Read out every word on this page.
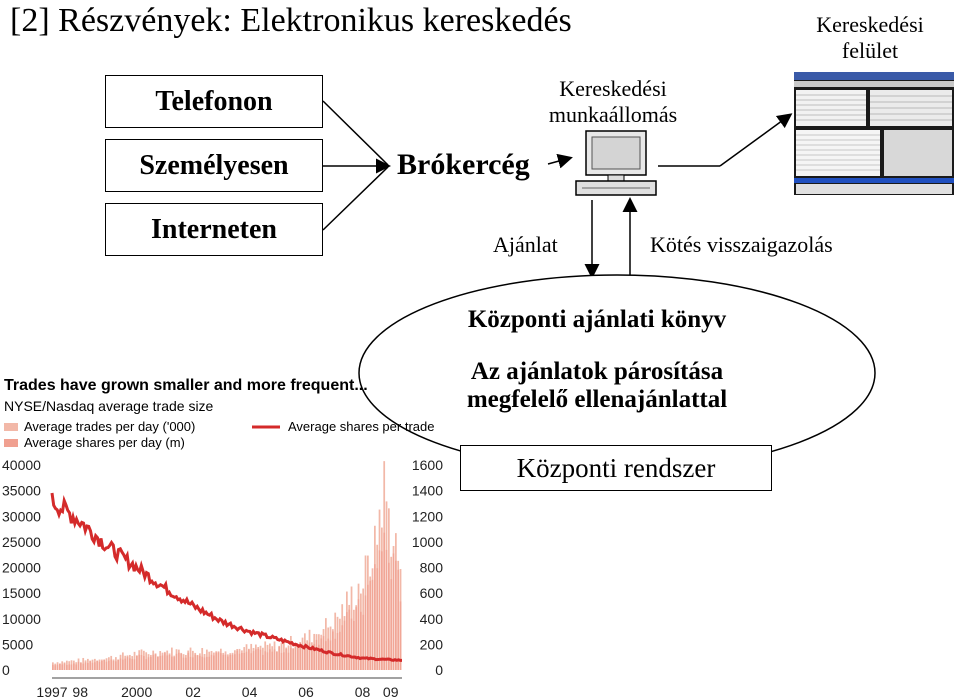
[2] Részvények: Elektronikus kereskedés
Telefonon
Személyesen
Interneten
Brókercég
Kereskedési
munkaállomás
Kereskedési
felület
Ajánlat	Kötés visszaigazolás
Központi ajánlati könyv
Az ajánlatok párosítása
megfelelő ellenajánlattal
Központi rendszer
Trades have grown smaller and more frequent...
NYSE/Nasdaq average trade size
Average trades per day ('000)
Average shares per day (m)
Average shares per trade
40000
35000
30000
25000
20000
15000
10000
5000
0
1600
1400
1200
1000
800
600
400
200
0
1997 98 2000 02	04	06	08 09
